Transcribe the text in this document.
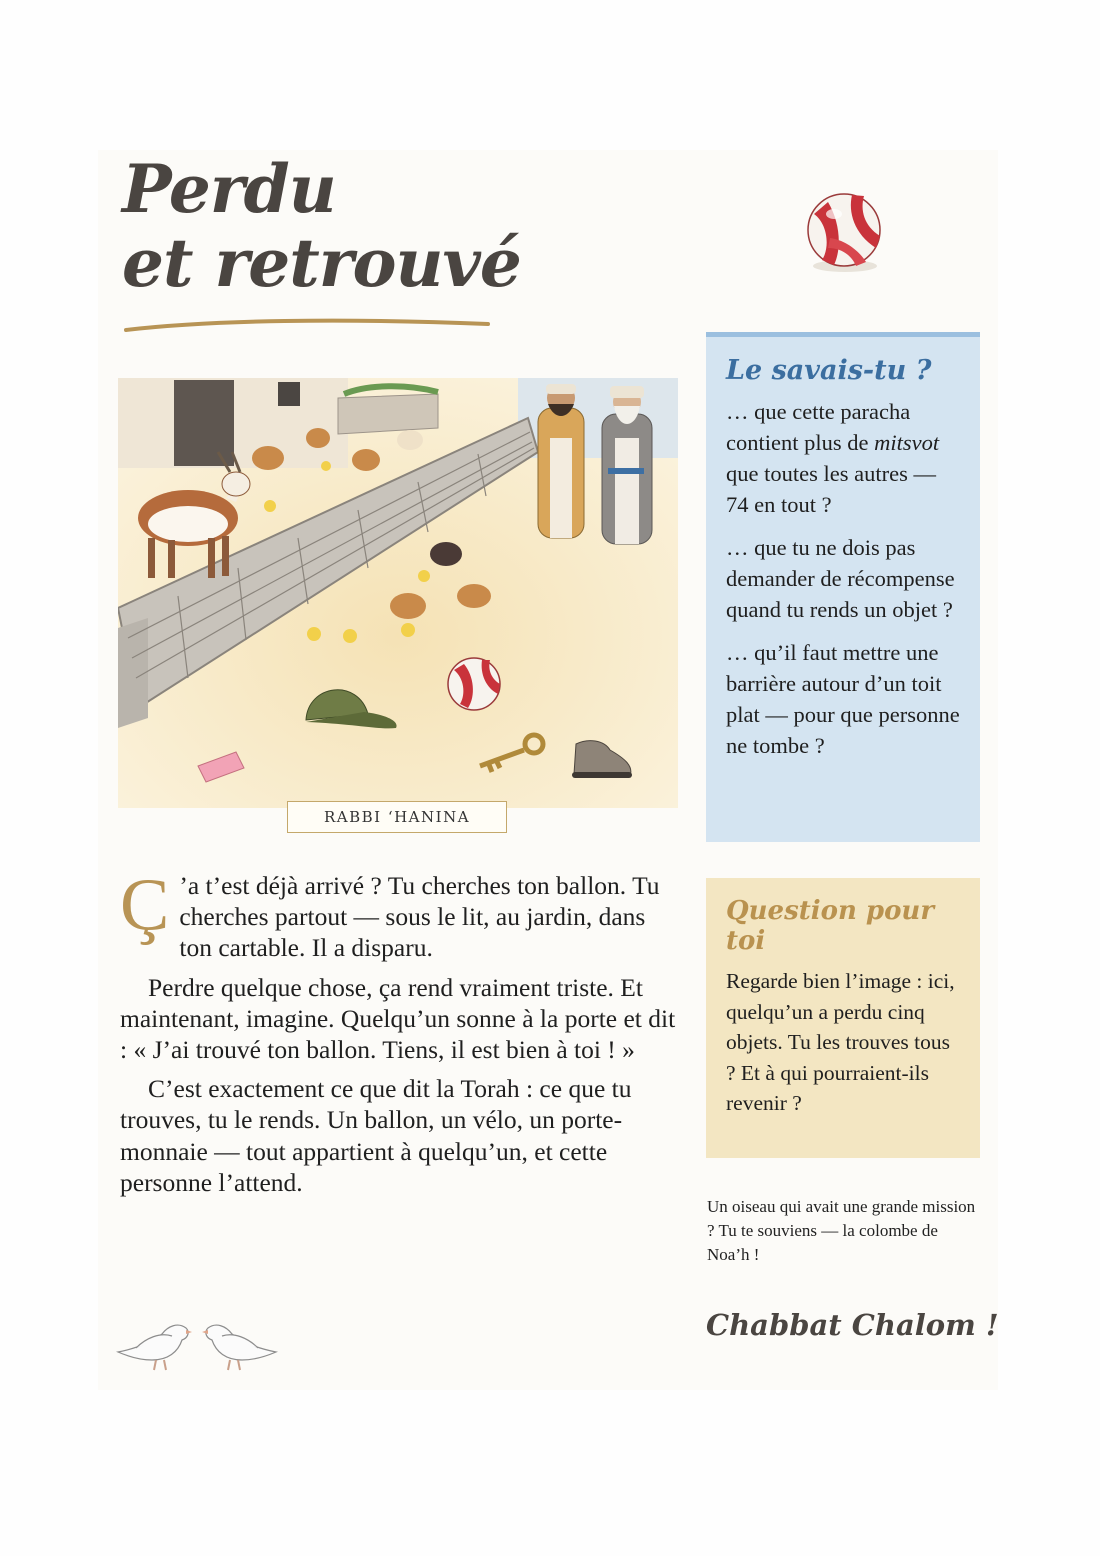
Perdu
et retrouvé
RABBI ‘HANINA

Ç ’a t’est déjà arrivé ? Tu cherches ton ballon. Tu cherches partout — sous le lit, au jardin, dans ton cartable. Il a disparu.

Perdre quelque chose, ça rend vraiment triste. Et maintenant, imagine. Quelqu’un sonne à la porte et dit : « J’ai trouvé ton ballon. Tiens, il est bien à toi ! »

C’est exactement ce que dit la Torah : ce que tu trouves, tu le rends. Un ballon, un vélo, un porte-monnaie — tout appartient à quelqu’un, et cette personne l’attend.

Le savais-tu ?

… que cette paracha contient plus de mitsvot que toutes les autres — 74 en tout ?

… que tu ne dois pas demander de récompense quand tu rends un objet ?

… qu’il faut mettre une barrière autour d’un toit plat — pour que personne ne tombe ?

Question pour toi

Regarde bien l’image : ici, quelqu’un a perdu cinq objets. Tu les trouves tous ? Et à qui pourraient-ils revenir ?

Un oiseau qui avait une grande mission ? Tu te souviens — la colombe de Noa’h !
Chabbat Chalom !
